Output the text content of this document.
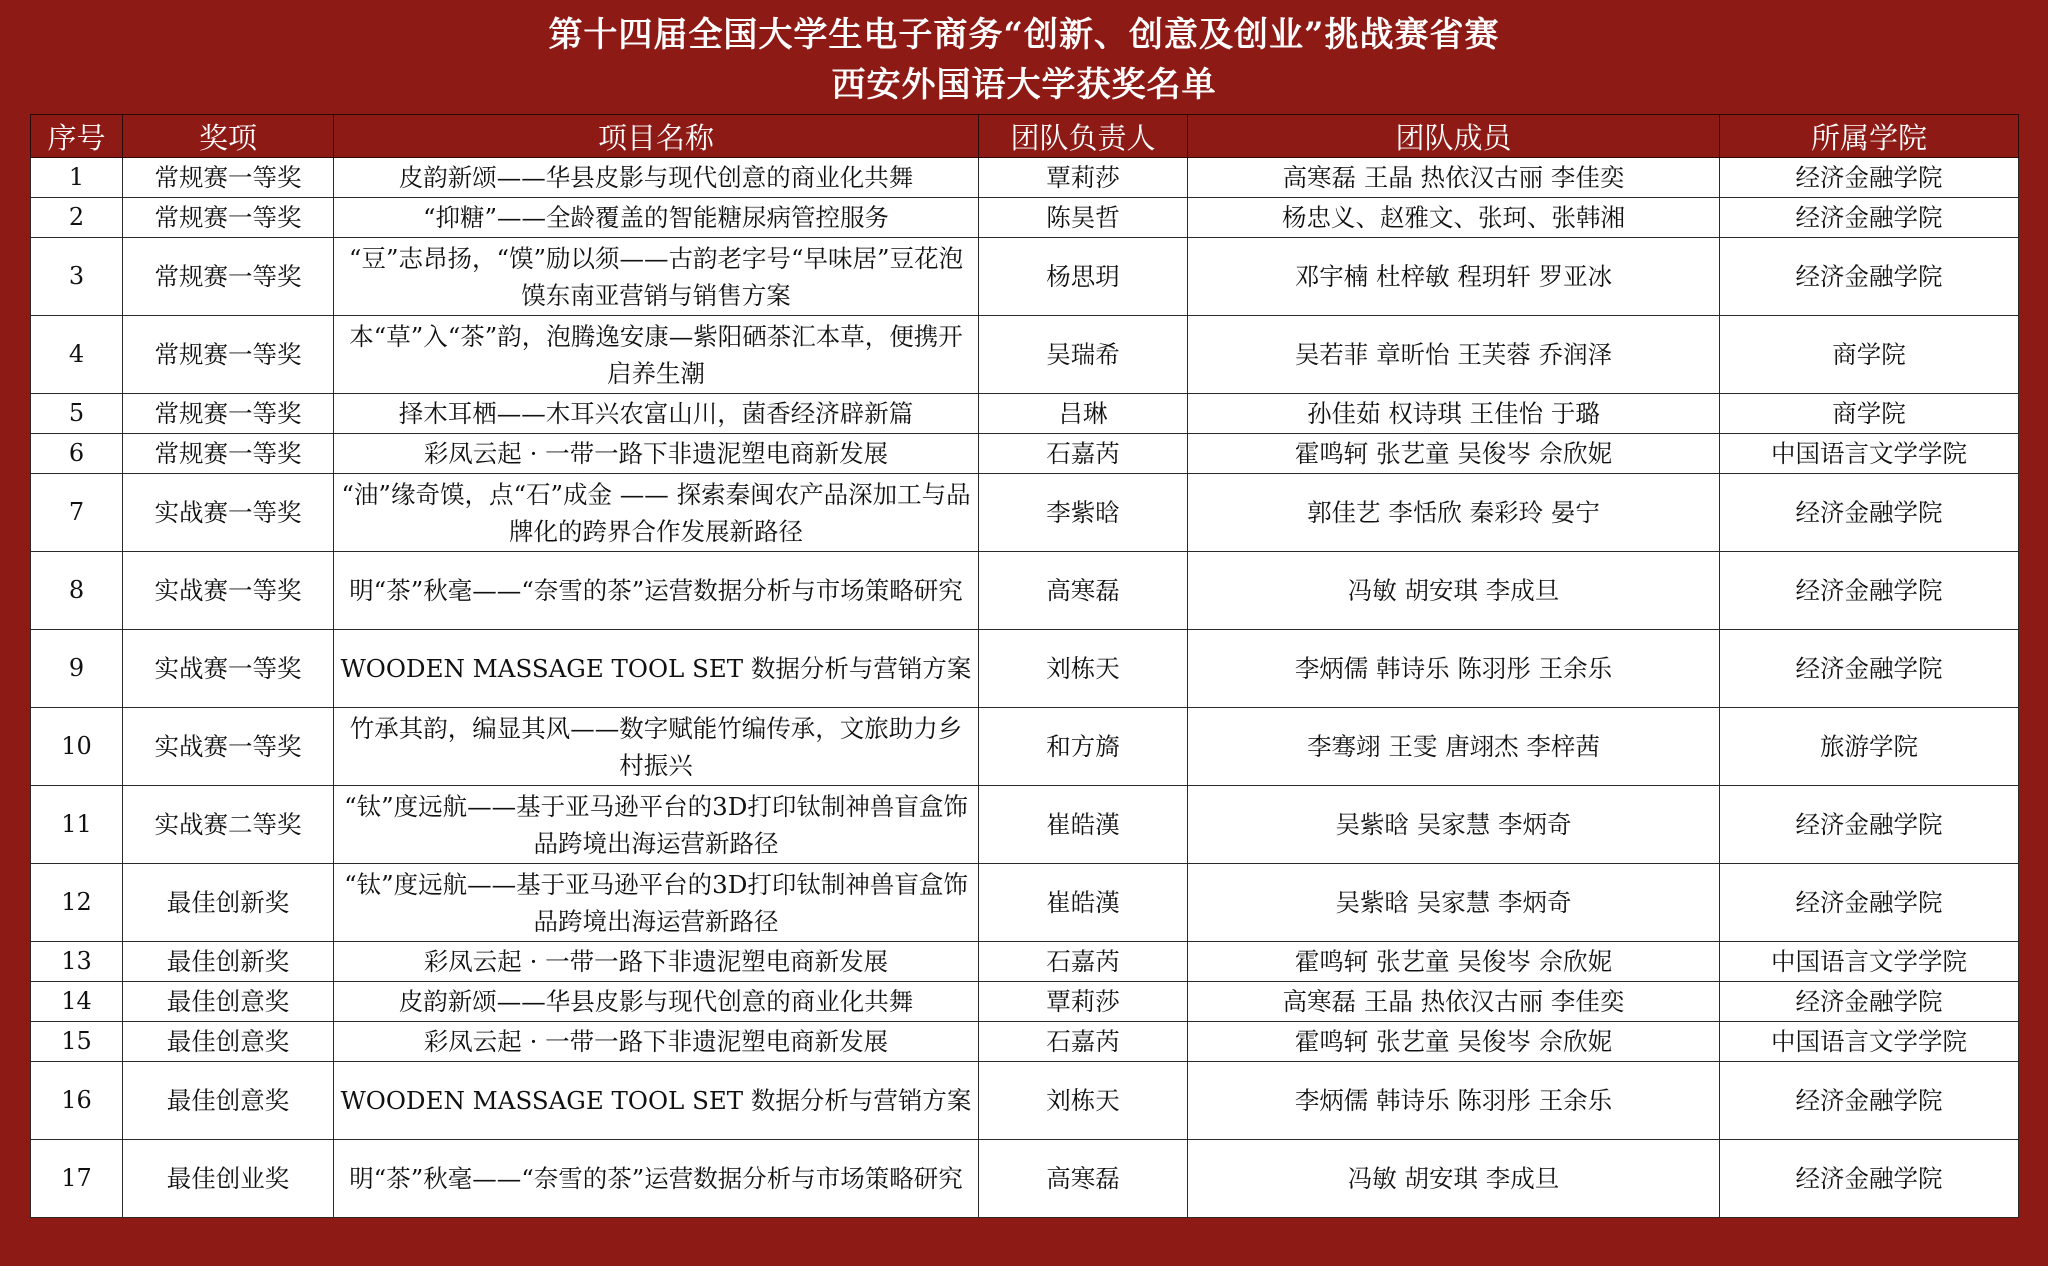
第十四届全国大学生电子商务“创新、创意及创业”挑战赛省赛
西安外国语大学获奖名单
序号	奖项	项目名称	团队负责人	团队成员	所属学院
1	常规赛一等奖	皮韵新颂——华县皮影与现代创意的商业化共舞	覃莉莎	高寒磊 王晶 热依汉古丽 李佳奕	经济金融学院
2	常规赛一等奖	“抑糖”——全龄覆盖的智能糖尿病管控服务	陈昊哲	杨忠义、赵雅文、张珂、张韩湘	经济金融学院
3	常规赛一等奖	“豆”志昂扬，“馍”励以须——古韵老字号“早味居”豆花泡馍东南亚营销与销售方案	杨思玥	邓宇楠 杜梓敏 程玥轩 罗亚冰	经济金融学院
4	常规赛一等奖	本“草”入“茶”韵，泡腾逸安康—紫阳硒茶汇本草，便携开启养生潮	吴瑞希	吴若菲 章昕怡 王芙蓉 乔润泽	商学院
5	常规赛一等奖	择木耳栖——木耳兴农富山川，菌香经济辟新篇	吕琳	孙佳茹 权诗琪 王佳怡 于璐	商学院
6	常规赛一等奖	彩凤云起 · 一带一路下非遗泥塑电商新发展	石嘉芮	霍鸣轲 张艺童 吴俊岑 佘欣妮	中国语言文学学院
7	实战赛一等奖	“油”缘奇馍，点“石”成金 —— 探索秦闽农产品深加工与品牌化的跨界合作发展新路径	李紫晗	郭佳艺 李恬欣 秦彩玲 晏宁	经济金融学院
8	实战赛一等奖	明“茶”秋毫——“奈雪的茶”运营数据分析与市场策略研究	高寒磊	冯敏 胡安琪 李成旦	经济金融学院
9	实战赛一等奖	WOODEN MASSAGE TOOL SET 数据分析与营销方案	刘栋天	李炳儒 韩诗乐 陈羽彤 王余乐	经济金融学院
10	实战赛一等奖	竹承其韵，编显其风——数字赋能竹编传承，文旅助力乡村振兴	和方旖	李骞翊 王雯 唐翊杰 李梓茜	旅游学院
11	实战赛二等奖	“钛”度远航——基于亚马逊平台的3D打印钛制神兽盲盒饰品跨境出海运营新路径	崔皓漢	吴紫晗 吴家慧 李炳奇	经济金融学院
12	最佳创新奖	“钛”度远航——基于亚马逊平台的3D打印钛制神兽盲盒饰品跨境出海运营新路径	崔皓漢	吴紫晗 吴家慧 李炳奇	经济金融学院
13	最佳创新奖	彩凤云起 · 一带一路下非遗泥塑电商新发展	石嘉芮	霍鸣轲 张艺童 吴俊岑 佘欣妮	中国语言文学学院
14	最佳创意奖	皮韵新颂——华县皮影与现代创意的商业化共舞	覃莉莎	高寒磊 王晶 热依汉古丽 李佳奕	经济金融学院
15	最佳创意奖	彩凤云起 · 一带一路下非遗泥塑电商新发展	石嘉芮	霍鸣轲 张艺童 吴俊岑 佘欣妮	中国语言文学学院
16	最佳创意奖	WOODEN MASSAGE TOOL SET 数据分析与营销方案	刘栋天	李炳儒 韩诗乐 陈羽彤 王余乐	经济金融学院
17	最佳创业奖	明“茶”秋毫——“奈雪的茶”运营数据分析与市场策略研究	高寒磊	冯敏 胡安琪 李成旦	经济金融学院
